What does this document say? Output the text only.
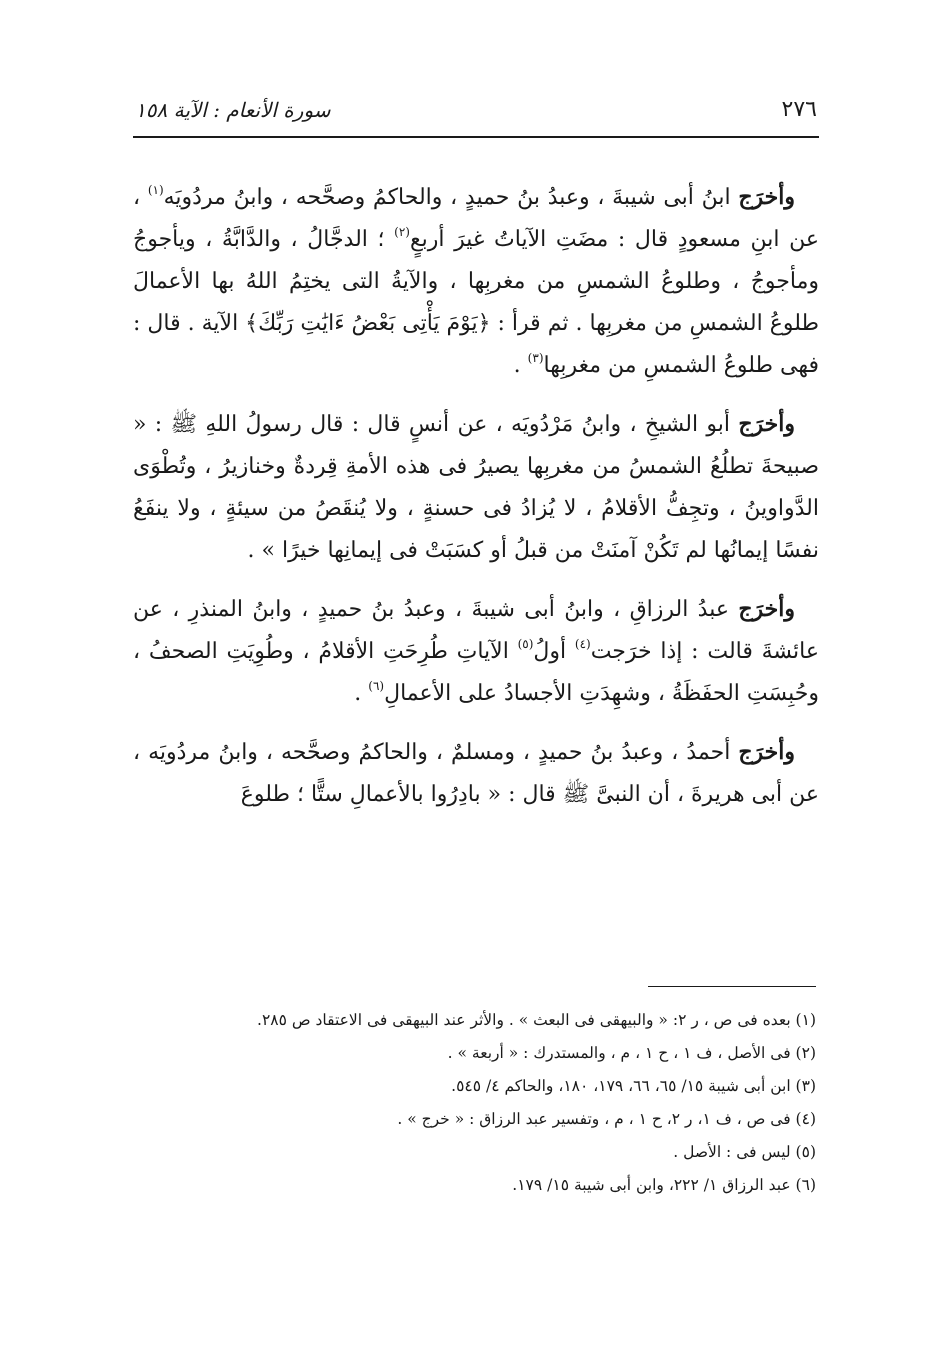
٢٧٦
سورة الأنعام : الآية ١٥٨

وأخرَج ابنُ أبى شيبةَ ، وعبدُ بنُ حميدٍ ، والحاكمُ وصحَّحه ، وابنُ مردُويَه$^{(١)}$ ، عن ابنِ مسعودٍ قال : مضَتِ الآياتُ غيرَ أربعٍ$^{(٢)}$ ؛ الدجَّالُ ، والدَّابَّةُ ، ويأجوجُ ومأجوجُ ، وطلوعُ الشمسِ من مغربِها ، والآيةُ التى يختِمُ اللهُ بها الأعمالَ طلوعُ الشمسِ من مغربِها . ثم قرأ : ﴿يَوْمَ يَأْتِى بَعْضُ ءَايَٰتِ رَبِّكَ﴾ الآية . قال : فهى طلوعُ الشمسِ من مغربِها$^{(٣)}$ .

وأخرَج أبو الشيخِ ، وابنُ مَرْدُويَه ، عن أنسٍ قال : قال رسولُ اللهِ ﷺ : « صبيحةَ تطلُعُ الشمسُ من مغربِها يصيرُ فى هذه الأمةِ قِردةٌ وخنازيرُ ، وتُطْوَى الدَّواوينُ ، وتجِفُّ الأقلامُ ، لا يُزادُ فى حسنةٍ ، ولا يُنقَصُ من سيئةٍ ، ولا ينفَعُ نفسًا إيمانُها لم تَكُنْ آمنَتْ من قبلُ أو كسَبَتْ فى إيمانِها خيرًا » .

وأخرَج عبدُ الرزاقِ ، وابنُ أبى شيبةَ ، وعبدُ بنُ حميدٍ ، وابنُ المنذرِ ، عن عائشةَ قالت : إذا خرَجت$^{(٤)}$ أولُ$^{(٥)}$ الآياتِ طُرِحَتِ الأقلامُ ، وطُوِيَتِ الصحفُ ، وحُبِسَتِ الحفَظَةُ ، وشهِدَتِ الأجسادُ على الأعمالِ$^{(٦)}$ .

وأخرَج أحمدُ ، وعبدُ بنُ حميدٍ ، ومسلمٌ ، والحاكمُ وصحَّحه ، وابنُ مردُويَه ، عن أبى هريرةَ ، أن النبىَّ ﷺ قال : « بادِرُوا بالأعمالِ ستًّا ؛ طلوعَ

(١) بعده فى ص ، ر ٢: « والبيهقى فى البعث » . والأثر عند البيهقى فى الاعتقاد ص ٢٨٥.

(٢) فى الأصل ، ف ١ ، ح ١ ، م ، والمستدرك : « أربعة » .

(٣) ابن أبى شيبة ١٥/ ٦٥، ٦٦، ١٧٩، ١٨٠، والحاكم ٤/ ٥٤٥.

(٤) فى ص ، ف ١، ر ٢، ح ١ ، م ، وتفسير عبد الرزاق : « خرج » .

(٥) ليس فى : الأصل .

(٦) عبد الرزاق ١/ ٢٢٢، وابن أبى شيبة ١٥/ ١٧٩.
